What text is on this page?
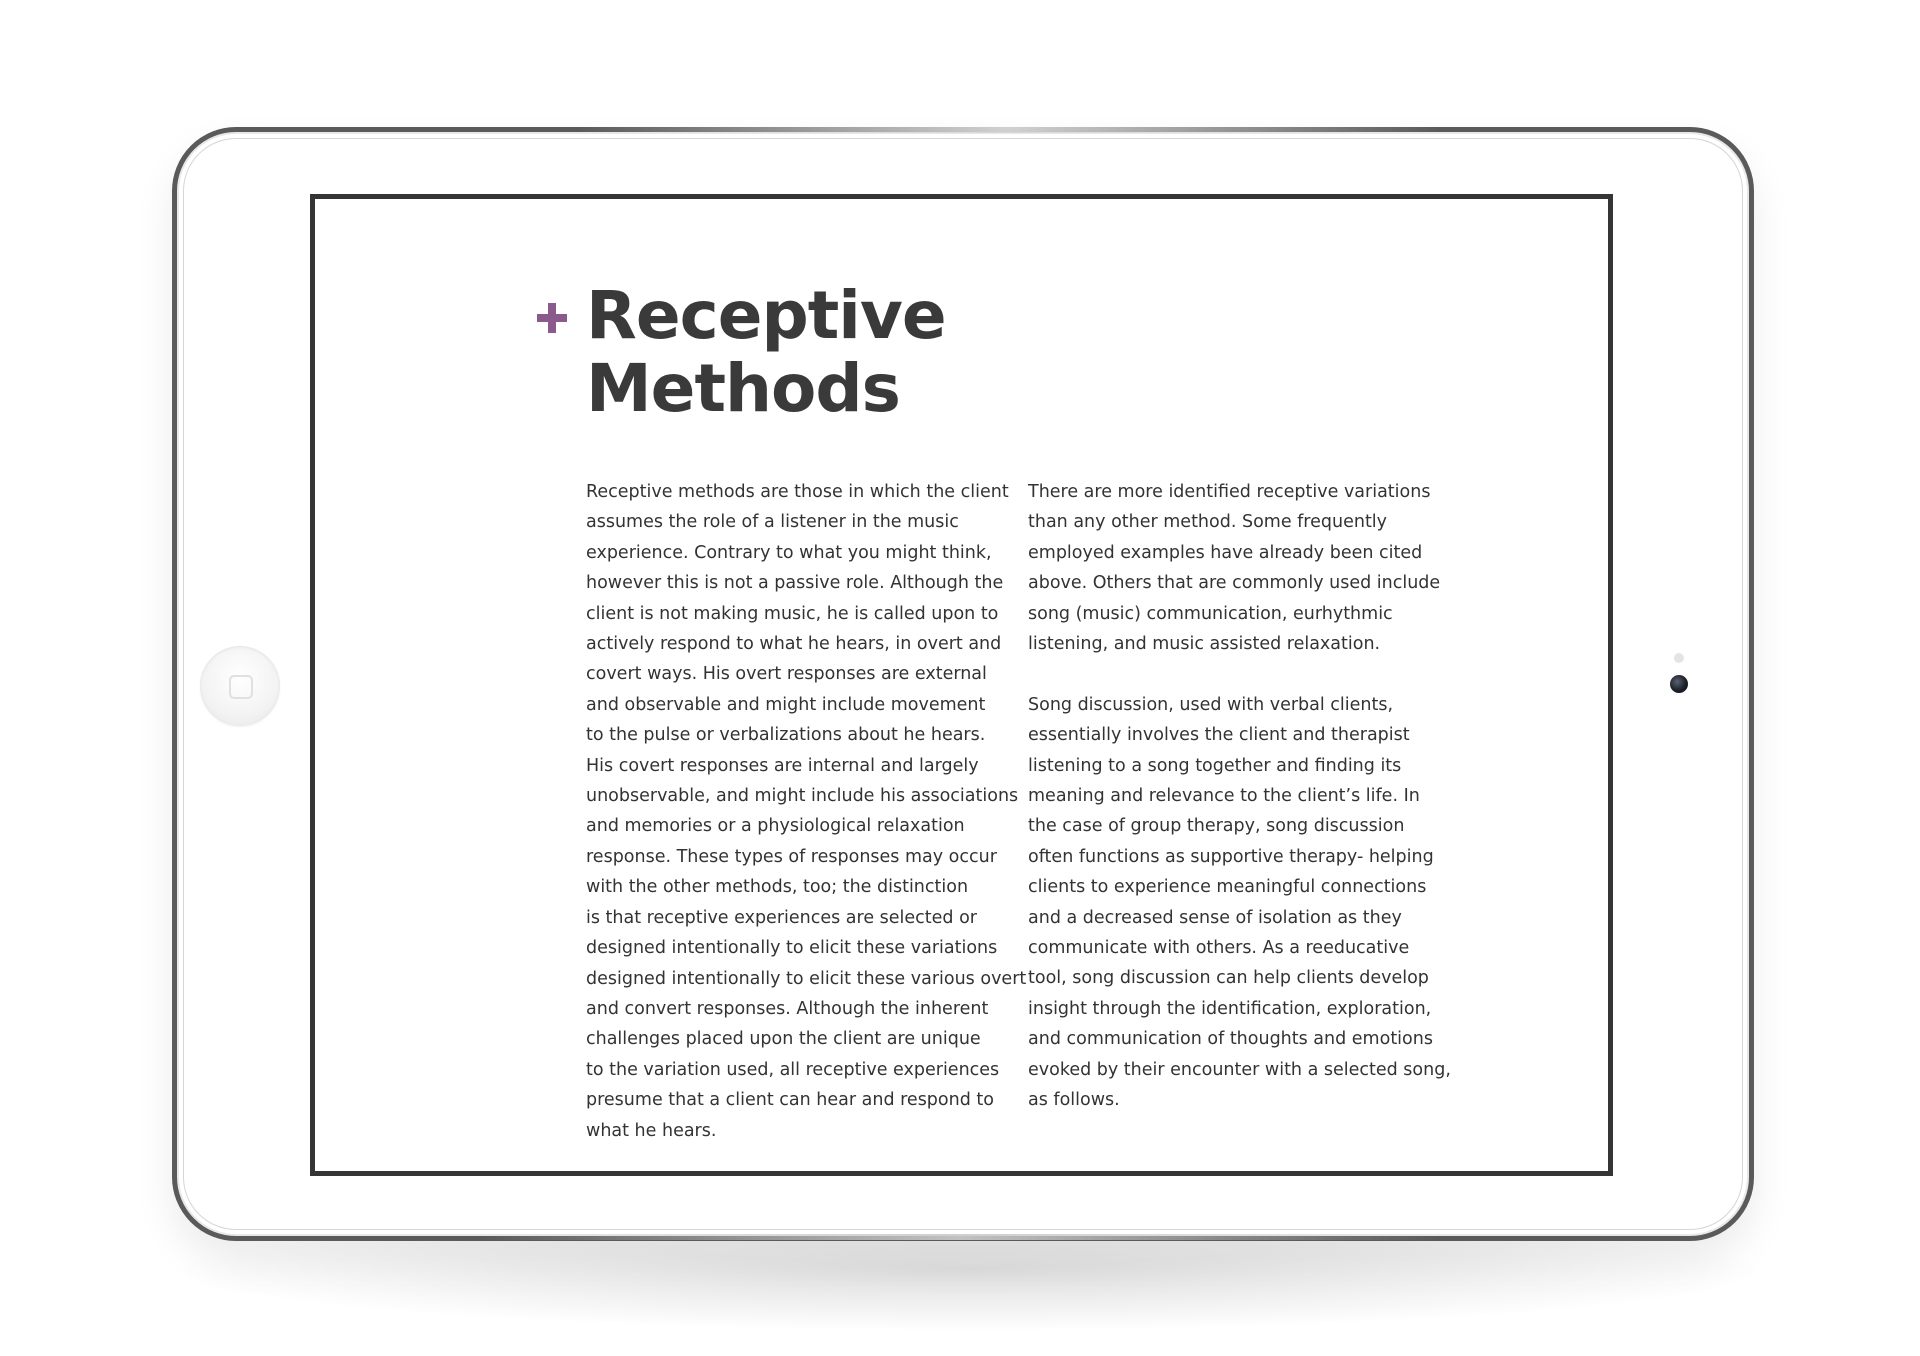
Receptive
Methods
Receptive methods are those in which the client
assumes the role of a listener in the music
experience. Contrary to what you might think,
however this is not a passive role. Although the
client is not making music, he is called upon to
actively respond to what he hears, in overt and
covert ways. His overt responses are external
and observable and might include movement
to the pulse or verbalizations about he hears.
His covert responses are internal and largely
unobservable, and might include his associations
and memories or a physiological relaxation
response. These types of responses may occur
with the other methods, too; the distinction
is that receptive experiences are selected or
designed intentionally to elicit these variations
designed intentionally to elicit these various overt
and convert responses. Although the inherent
challenges placed upon the client are unique
to the variation used, all receptive experiences
presume that a client can hear and respond to
what he hears.
There are more identified receptive variations
than any other method. Some frequently
employed examples have already been cited
above. Others that are commonly used include
song (music) communication, eurhythmic
listening, and music assisted relaxation.
Song discussion, used with verbal clients,
essentially involves the client and therapist
listening to a song together and finding its
meaning and relevance to the client’s life. In
the case of group therapy, song discussion
often functions as supportive therapy- helping
clients to experience meaningful connections
and a decreased sense of isolation as they
communicate with others. As a reeducative
tool, song discussion can help clients develop
insight through the identification, exploration,
and communication of thoughts and emotions
evoked by their encounter with a selected song,
as follows.
